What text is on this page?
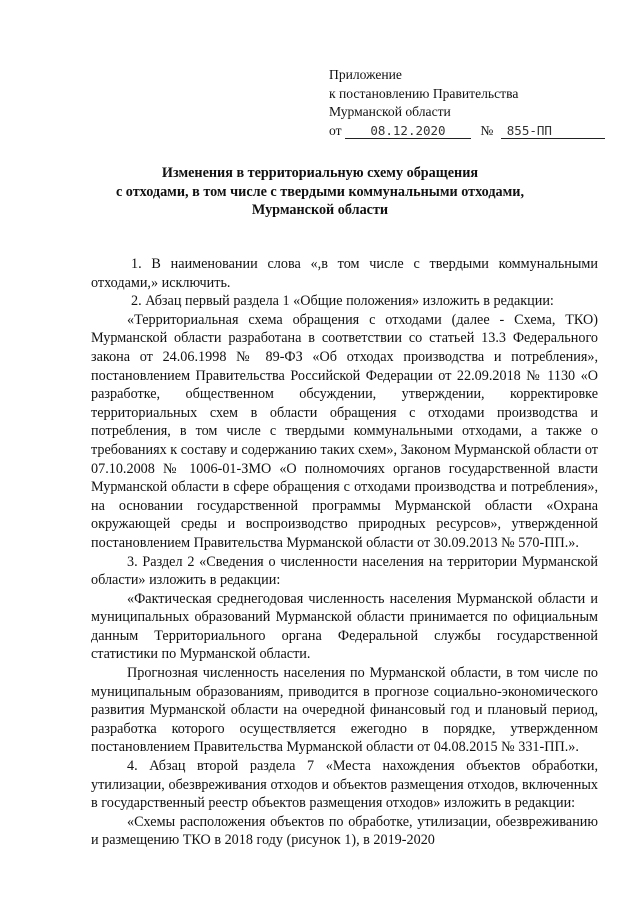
Приложение
к постановлению Правительства
Мурманской области
от 08.12.2020	№ 855-ПП
Изменения в территориальную схему обращения
с отходами, в том числе с твердыми коммунальными отходами,
Мурманской области

1. В наименовании слова «,в том числе с твердыми коммунальными отходами,» исключить.

2. Абзац первый раздела 1 «Общие положения» изложить в редакции:

«Территориальная схема обращения с отходами (далее - Схема, ТКО) Мурманской области разработана в соответствии со статьей 13.3 Федерального закона от 24.06.1998 № 89-ФЗ «Об отходах производства и потребления», постановлением Правительства Российской Федерации от 22.09.2018 № 1130 «О разработке, общественном обсуждении, утверждении, корректировке территориальных схем в области обращения с отходами производства и потребления, в том числе с твердыми коммунальными отходами, а также о требованиях к составу и содержанию таких схем», Законом Мурманской области от 07.10.2008 № 1006-01-ЗМО «О полномочиях органов государственной власти Мурманской области в сфере обращения с отходами производства и потребления», на основании государственной программы Мурманской области «Охрана окружающей среды и воспроизводство природных ресурсов», утвержденной постановлением Правительства Мурманской области от 30.09.2013 № 570-ПП.».

3. Раздел 2 «Сведения о численности населения на территории Мурманской области» изложить в редакции:

«Фактическая среднегодовая численность населения Мурманской области и муниципальных образований Мурманской области принимается по официальным данным Территориального органа Федеральной службы государственной статистики по Мурманской области.

Прогнозная численность населения по Мурманской области, в том числе по муниципальным образованиям, приводится в прогнозе социально-экономического развития Мурманской области на очередной финансовый год и плановый период, разработка которого осуществляется ежегодно в порядке, утвержденном постановлением Правительства Мурманской области от 04.08.2015 № 331-ПП.».

4. Абзац второй раздела 7 «Места нахождения объектов обработки, утилизации, обезвреживания отходов и объектов размещения отходов, включенных в государственный реестр объектов размещения отходов» изложить в редакции:

«Схемы расположения объектов по обработке, утилизации, обезвреживанию и размещению ТКО в 2018 году (рисунок 1), в 2019-2020
